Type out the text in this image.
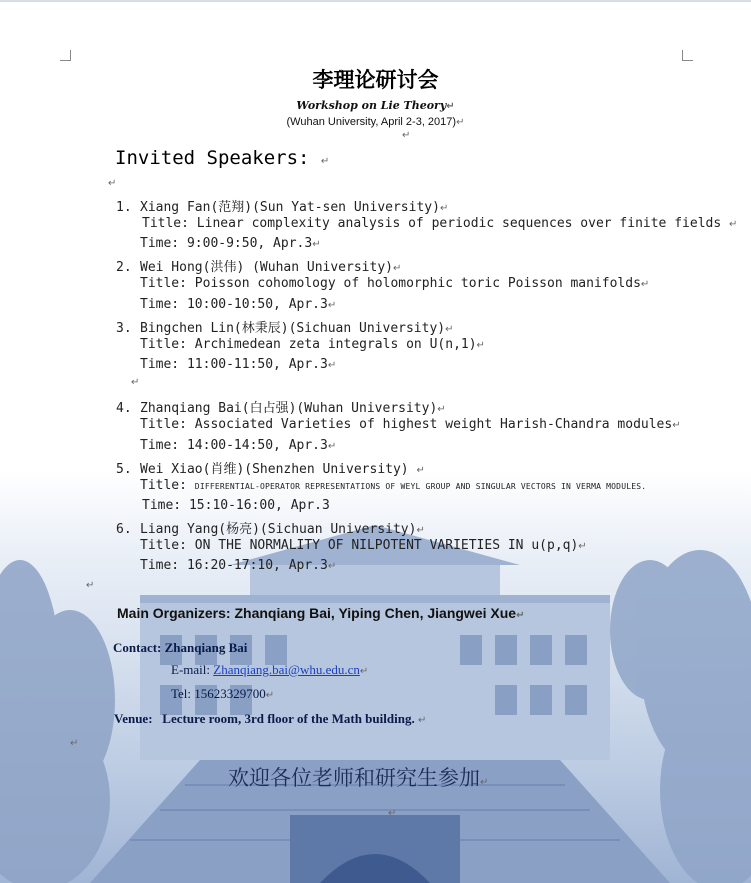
李理论研讨会
Workshop on Lie Theory↵
(Wuhan University, April 2-3, 2017)↵
↵
Invited Speakers: ↵
↵
1. Xiang Fan(范翔)(Sun Yat-sen University)↵
Title: Linear complexity analysis of periodic sequences over finite fields ↵
Time: 9:00-9:50, Apr.3↵
2. Wei Hong(洪伟) (Wuhan University)↵
Title: Poisson cohomology of holomorphic toric Poisson manifolds↵
Time: 10:00-10:50, Apr.3↵
3. Bingchen Lin(林秉辰)(Sichuan University)↵
Title: Archimedean zeta integrals on U(n,1)↵
Time: 11:00-11:50, Apr.3↵
↵
4. Zhanqiang Bai(白占强)(Wuhan University)↵
Title: Associated Varieties of highest weight Harish-Chandra modules↵
Time: 14:00-14:50, Apr.3↵
5. Wei Xiao(肖维)(Shenzhen University) ↵
Title: DIFFERENTIAL-OPERATOR REPRESENTATIONS OF WEYL GROUP AND SINGULAR VECTORS IN VERMA MODULES.
Time: 15:10-16:00, Apr.3
6. Liang Yang(杨亮)(Sichuan University)↵
Title: ON THE NORMALITY OF NILPOTENT VARIETIES IN u(p,q)↵
Time: 16:20-17:10, Apr.3↵
↵
Main Organizers: Zhanqiang Bai, Yiping Chen, Jiangwei Xue↵
Contact: Zhanqiang Bai
E-mail: Zhanqiang.bai@whu.edu.cn↵
Tel: 15623329700↵
Venue: Lecture room, 3rd floor of the Math building. ↵
↵
欢迎各位老师和研究生参加↵
↵
